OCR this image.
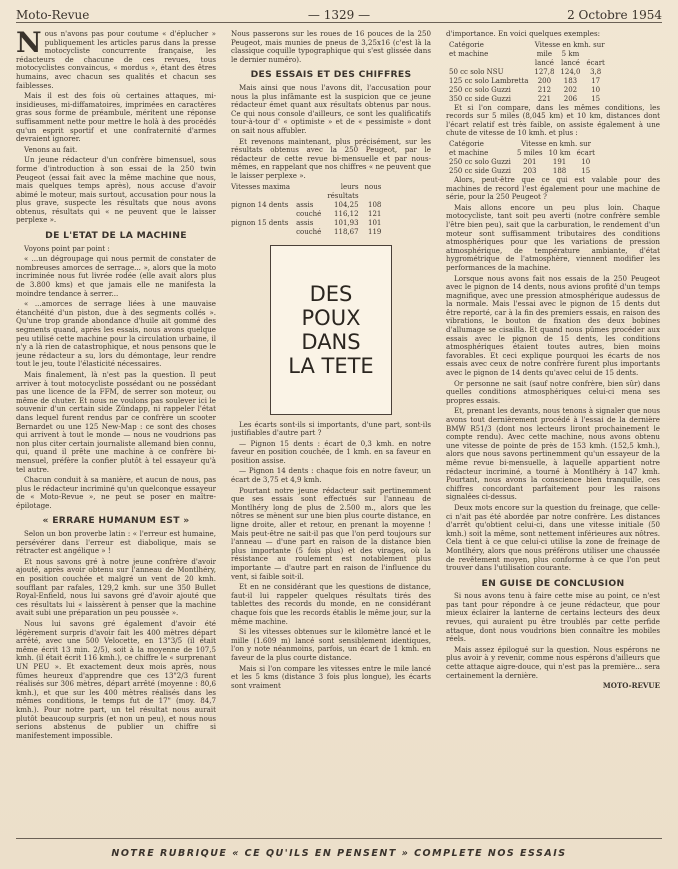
Moto-Revue	— 1329 —	2 Octobre 1954

Nous n'avons pas pour coutume « d'éplucher » publiquement les articles parus dans la presse motocycliste concurrente française, les rédacteurs de chacune de ces revues, tous motocyclistes convaincus, « mordus », étant des êtres humains, avec chacun ses qualités et chacun ses faiblesses.

Mais il est des fois où certaines attaques, mi-insidieuses, mi-diffamatoires, imprimées en caractères gras sous forme de préambule, méritent une réponse suffisamment nette pour mettre le holà à des procédés qu'un esprit sportif et une confraternité d'armes devraient ignorer.

Venons au fait.

Un jeune rédacteur d'un confrère bimensuel, sous forme d'introduction à son essai de la 250 twin Peugeot (essai fait avec la même machine que nous, mais quelques temps après), nous accuse d'avoir abimé le moteur, mais surtout, accusation pour nous la plus grave, suspecte les résultats que nous avons obtenus, résultats qui « ne peuvent que le laisser perplexe ».

DE L'ETAT DE LA MACHINE

Voyons point par point :

« ...un dégroupage qui nous permit de constater de nombreuses amorces de serrage... », alors que la moto incriminée nous fut livrée rodée (elle avait alors plus de 3.800 kms) et que jamais elle ne manifesta la moindre tendance à serrer...

« ...amorces de serrage liées à une mauvaise étanchéité d'un piston, due à des segments collés ». Qu'une trop grande abondance d'huile ait gommé des segments quand, après les essais, nous avons quelque peu utilisé cette machine pour la circulation urbaine, il n'y a là rien de catastrophique, et nous pensons que le jeune rédacteur a su, lors du démontage, leur rendre tout le jeu, toute l'élasticité nécessaires.

Mais finalement, là n'est pas la question. Il peut arriver à tout motocycliste possédant ou ne possédant pas une licence de la FFM, de serrer son moteur, ou même de chuter. Et nous ne voulons pas soulever ici le souvenir d'un certain side Zündapp, ni rappeler l'état dans lequel furent rendus par ce confrère un scooter Bernardet ou une 125 New-Map : ce sont des choses qui arrivent à tout le monde — nous ne voudrions pas non plus citer certain journaliste allemand bien connu, qui, quand il prête une machine à ce confrère bi-mensuel, préfère la confier plutôt à tel essayeur qu'à tel autre.

Chacun conduit à sa manière, et aucun de nous, pas plus le rédacteur incriminé qu'un quelconque essayeur de « Moto-Revue », ne peut se poser en maître-épilotage.

« ERRARE HUMANUM EST »

Selon un bon proverbe latin : « l'erreur est humaine, persévérer dans l'erreur est diabolique, mais se rétracter est angélique » !

Et nous savons gré à notre jeune confrère d'avoir ajouté, après avoir obtenu sur l'anneau de Montlhéry, en position couchée et malgré un vent de 20 kmh. soufflant par rafales, 129,2 kmh. sur une 350 Bullet Royal-Enfield, nous lui savons gré d'avoir ajouté que ces résultats lui « laissèrent à penser que la machine avait subi une préparation un peu poussée ».

Nous lui savons gré également d'avoir été légèrement surpris d'avoir fait les 400 mètres départ arrêté, avec une 500 Velocette, en 13"3/5 (il était même écrit 13 min. 2/5), soit à la moyenne de 107,5 kmh. (il était écrit 116 kmh.), ce chiffre le « surprenant UN PEU ». Et exactement deux mois après, nous fûmes heureux d'apprendre que ces 13"2/3 furent réalisés sur 306 mètres, départ arrêté (moyenne : 80,6 kmh.), et que sur les 400 mètres réalisés dans les mêmes conditions, le temps fut de 17" (moy. 84,7 kmh.). Pour notre part, un tel résultat nous aurait plutôt beaucoup surpris (et non un peu), et nous nous serions abstenus de publier un chiffre si manifestement impossible.

Nous passerons sur les roues de 16 pouces de la 250 Peugeot, mais munies de pneus de 3,25x16 (c'est là la classique coquille typographique qui s'est glissée dans le dernier numéro).

DES ESSAIS ET DES CHIFFRES

Mais ainsi que nous l'avons dit, l'accusation pour nous la plus infâmante est la suspicion que ce jeune rédacteur émet quant aux résultats obtenus par nous. Ce qui nous console d'ailleurs, ce sont les qualificatifs tour-à-tour d' « optimiste » et de « pessimiste » dont on sait nous affubler.

Et revenons maintenant, plus précisément, sur les résultats obtenus avec la 250 Peugeot, par le rédacteur de cette revue bi-mensuelle et par nous-mêmes, en rappelant que nos chiffres « ne peuvent que le laisser perplexe ».

Vitesses maxima		leurs	nous
		résultats	
pignon 14 dents	assis	104,25	108
	couché	116,12	121
pignon 15 dents	assis	101,93	101
	couché	118,67	119
DES
POUX
DANS
LA TETE

Les écarts sont-ils si importants, d'une part, sont-ils justifiables d'autre part ?

— Pignon 15 dents : écart de 0,3 kmh. en notre faveur en position couchée, de 1 kmh. en sa faveur en position assise.

— Pignon 14 dents : chaque fois en notre faveur, un écart de 3,75 et 4,9 kmh.

Pourtant notre jeune rédacteur sait pertinemment que ses essais sont effectués sur l'anneau de Montlhéry long de plus de 2.500 m., alors que les nôtres se mènent sur une bien plus courte distance, en ligne droite, aller et retour, en prenant la moyenne ! Mais peut-être ne sait-il pas que l'on perd toujours sur l'anneau — d'une part en raison de la distance bien plus importante (5 fois plus) et des virages, où la résistance au roulement est notablement plus importante — d'autre part en raison de l'influence du vent, si faible soit-il.

Et en ne considérant que les questions de distance, faut-il lui rappeler quelques résultats tirés des tablettes des records du monde, en ne considérant chaque fois que les records établis le même jour, sur la même machine.

Si les vitesses obtenues sur le kilomètre lancé et le mille (1.609 m) lancé sont sensiblement identiques, l'on y note néanmoins, parfois, un écart de 1 kmh. en faveur de la plus courte distance.

Mais si l'on compare les vitesses entre le mile lancé et les 5 kms (distance 3 fois plus longue), les écarts sont vraiment

d'importance. En voici quelques exemples:

Catégorie	Vitesse en kmh. sur		
et machine	mile	5 km	
	lancé	lancé	écart
50 cc solo NSU	127,8	124,0	3,8
125 cc solo Lambretta	200	183	17
250 cc solo Guzzi	212	202	10
350 cc side Guzzi	221	206	15

Et si l'on compare, dans les mêmes conditions, les records sur 5 miles (8,045 km) et 10 km, distances dont l'écart relatif est très faible, on assiste également à une chute de vitesse de 10 kmh. et plus :

Catégorie	Vitesse en kmh. sur		
et machine	5 miles	10 km	écart
250 cc solo Guzzi	201	191	10
250 cc side Guzzi	203	188	15

Alors, peut-être que ce qui est valable pour des machines de record l'est également pour une machine de série, pour la 250 Peugeot ?

Mais allons encore un peu plus loin. Chaque motocycliste, tant soit peu averti (notre confrère semble l'être bien peu), sait que la carburation, le rendement d'un moteur sont suffisamment tributaires des conditions atmosphériques pour que les variations de pression atmosphérique, de température ambiante, d'état hygrométrique de l'atmosphère, viennent modifier les performances de la machine.

Lorsque nous avons fait nos essais de la 250 Peugeot avec le pignon de 14 dents, nous avions profité d'un temps magnifique, avec une pression atmosphérique audessus de la normale. Mais l'essai avec le pignon de 15 dents dut être reporté, car à la fin des premiers essais, en raison des vibrations, le bouton de fixation des deux bobines d'allumage se cisailla. Et quand nous pûmes procéder aux essais avec le pignon de 15 dents, les conditions atmosphériques étaient toutes autres, bien moins favorables. Et ceci explique pourquoi les écarts de nos essais avec ceux de notre confrère furent plus importants avec le pignon de 14 dents qu'avec celui de 15 dents.

Or personne ne sait (sauf notre confrère, bien sûr) dans quelles conditions atmosphériques celui-ci mena ses propres essais.

Et, prenant les devants, nous tenons à signaler que nous avons tout dernièrement procédé à l'essai de la dernière BMW R51/3 (dont nos lecteurs liront prochainement le compte rendu). Avec cette machine, nous avons obtenu une vitesse de pointe de près de 153 kmh. (152,5 kmh.), alors que nous savons pertinemment qu'un essayeur de la même revue bi-mensuelle, à laquelle appartient notre rédacteur incriminé, a tourné à Montlhéry à 147 kmh. Pourtant, nous avons la conscience bien tranquille, ces chiffres concordant parfaitement pour les raisons signalées ci-dessus.

Deux mots encore sur la question du freinage, que celle-ci n'ait pas été abordée par notre confrère. Les distances d'arrêt qu'obtient celui-ci, dans une vitesse initiale (50 kmh.) soit la même, sont nettement inférieures aux nôtres. Cela tient à ce que celui-ci utilise la zone de freinage de Montlhéry, alors que nous préférons utiliser une chaussée de revêtement moyen, plus conforme à ce que l'on peut trouver dans l'utilisation courante.

EN GUISE DE CONCLUSION

Si nous avons tenu à faire cette mise au point, ce n'est pas tant pour répondre à ce jeune rédacteur, que pour mieux éclairer la lanterne de certains lecteurs des deux revues, qui auraient pu être troublés par cette perfide attaque, dont nous voudrions bien connaître les mobiles réels.

Mais assez épilogué sur la question. Nous espérons ne plus avoir à y revenir, comme nous espérons d'ailleurs que cette attaque aigre-douce, qui n'est pas la première... sera certainement la dernière.

MOTO-REVUE

NOTRE RUBRIQUE « CE QU'ILS EN PENSENT » COMPLETE NOS ESSAIS
